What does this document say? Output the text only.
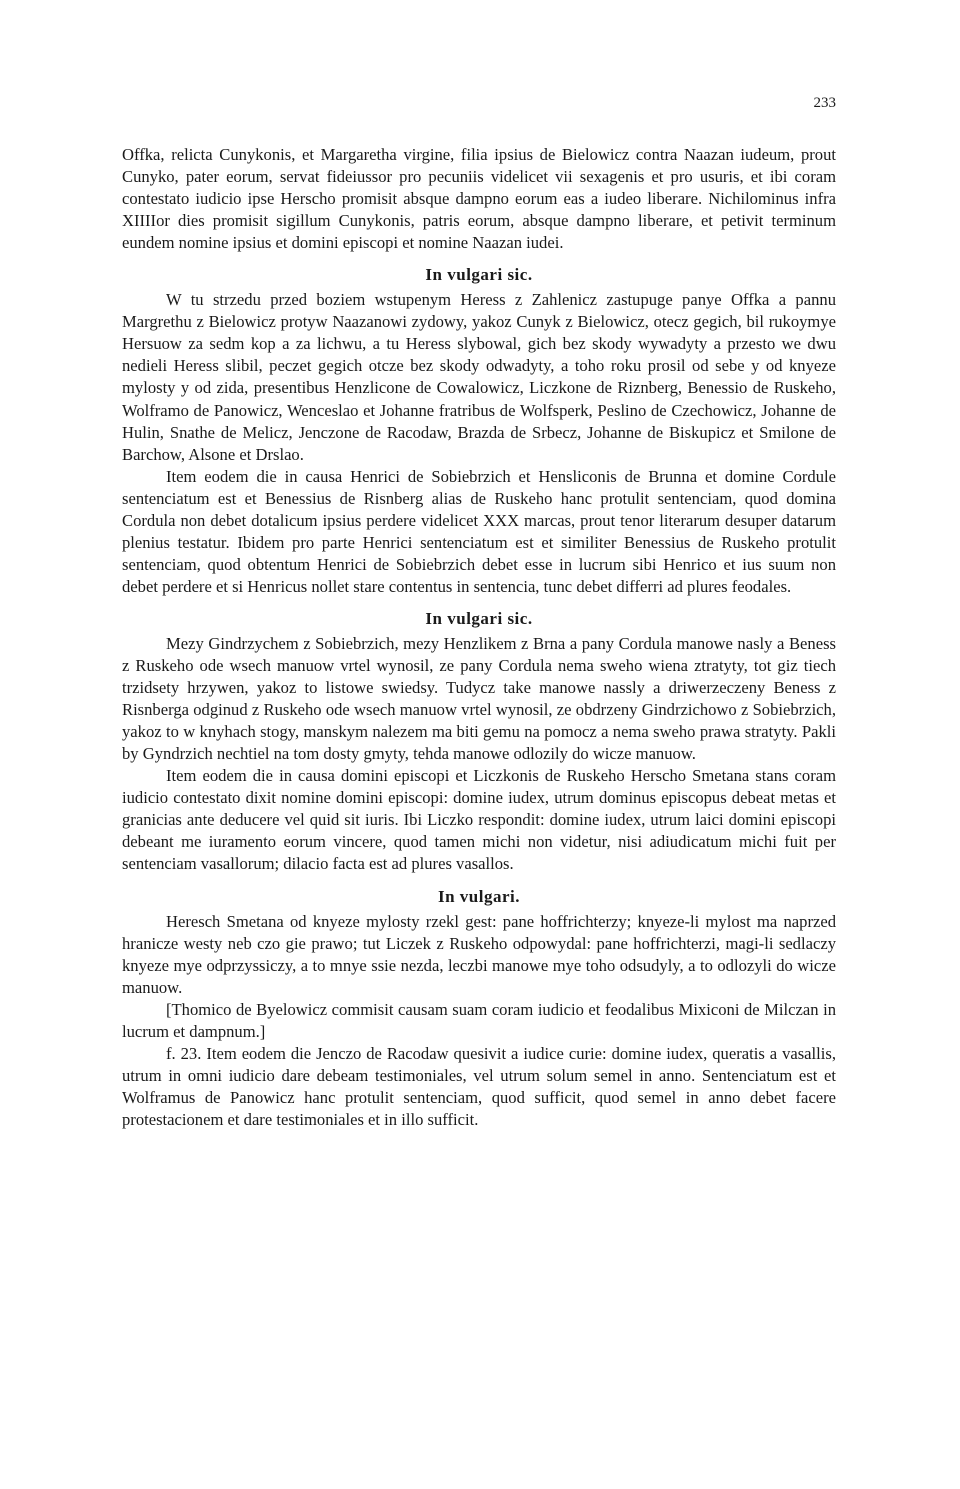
233

Offka, relicta Cunykonis, et Margaretha virgine, filia ipsius de Bielowicz contra Naazan iudeum, prout Cunyko, pater eorum, servat fideiussor pro pecuniis videlicet vii sexagenis et pro usuris, et ibi coram contestato iudicio ipse Herscho promisit absque dampno eorum eas a iudeo liberare. Nichilominus infra XIIIIor dies promisit sigillum Cunykonis, patris eorum, absque dampno liberare, et petivit terminum eundem nomine ipsius et domini episcopi et nomine Naazan iudei.

In vulgari sic.

W tu strzedu przed boziem wstupenym Heress z Zahlenicz zastupuge panye Offka a pannu Margrethu z Bielowicz protyw Naazanowi zydowy, yakoz Cunyk z Bielowicz, otecz gegich, bil rukoymye Hersuow za sedm kop a za lichwu, a tu Heress slybowal, gich bez skody wywadyty a przesto we dwu nedieli Heress slibil, peczet gegich otcze bez skody odwadyty, a toho roku prosil od sebe y od knyeze mylosty y od zida, presentibus Henzlicone de Cowalowicz, Liczkone de Riznberg, Benessio de Ruskeho, Wolframo de Panowicz, Wenceslao et Johanne fratribus de Wolfsperk, Peslino de Czechowicz, Johanne de Hulin, Snathe de Melicz, Jenczone de Racodaw, Brazda de Srbecz, Johanne de Biskupicz et Smilone de Barchow, Alsone et Drslao.

Item eodem die in causa Henrici de Sobiebrzich et Hensliconis de Brunna et domine Cordule sentenciatum est et Benessius de Risnberg alias de Ruskeho hanc protulit sentenciam, quod domina Cordula non debet dotalicum ipsius perdere videlicet XXX marcas, prout tenor literarum desuper datarum plenius testatur. Ibidem pro parte Henrici sentenciatum est et similiter Benessius de Ruskeho protulit sentenciam, quod obtentum Henrici de Sobiebrzich debet esse in lucrum sibi Henrico et ius suum non debet perdere et si Henricus nollet stare contentus in sentencia, tunc debet differri ad plures feodales.

In vulgari sic.

Mezy Gindrzychem z Sobiebrzich, mezy Henzlikem z Brna a pany Cordula manowe nasly a Beness z Ruskeho ode wsech manuow vrtel wynosil, ze pany Cordula nema sweho wiena ztratyty, tot giz tiech trzidsety hrzywen, yakoz to listowe swiedsy. Tudycz take manowe nassly a driwerzeczeny Beness z Risnberga odginud z Ruskeho ode wsech manuow vrtel wynosil, ze obdrzeny Gindrzichowo z Sobiebrzich, yakoz to w knyhach stogy, manskym nalezem ma biti gemu na pomocz a nema sweho prawa stratyty. Pakli by Gyndrzich nechtiel na tom dosty gmyty, tehda manowe odlozily do wicze manuow.

Item eodem die in causa domini episcopi et Liczkonis de Ruskeho Herscho Smetana stans coram iudicio contestato dixit nomine domini episcopi: domine iudex, utrum dominus episcopus debeat metas et granicias ante deducere vel quid sit iuris. Ibi Liczko respondit: domine iudex, utrum laici domini episcopi debeant me iuramento eorum vincere, quod tamen michi non videtur, nisi adiudicatum michi fuit per sentenciam vasallorum; dilacio facta est ad plures vasallos.

In vulgari.

Heresch Smetana od knyeze mylosty rzekl gest: pane hoffrichterzy; knyeze-li mylost ma naprzed hranicze westy neb czo gie prawo; tut Liczek z Ruskeho odpowydal: pane hoffrichterzi, magi-li sedlaczy knyeze mye odprzyssiczy, a to mnye ssie nezda, leczbi manowe mye toho odsudyly, a to odlozyli do wicze manuow.

[Thomico de Byelowicz commisit causam suam coram iudicio et feodalibus Mixiconi de Milczan in lucrum et dampnum.]

f. 23. Item eodem die Jenczo de Racodaw quesivit a iudice curie: domine iudex, queratis a vasallis, utrum in omni iudicio dare debeam testimoniales, vel utrum solum semel in anno. Sentenciatum est et Wolframus de Panowicz hanc protulit sentenciam, quod sufficit, quod semel in anno debet facere protestacionem et dare testimoniales et in illo sufficit.
